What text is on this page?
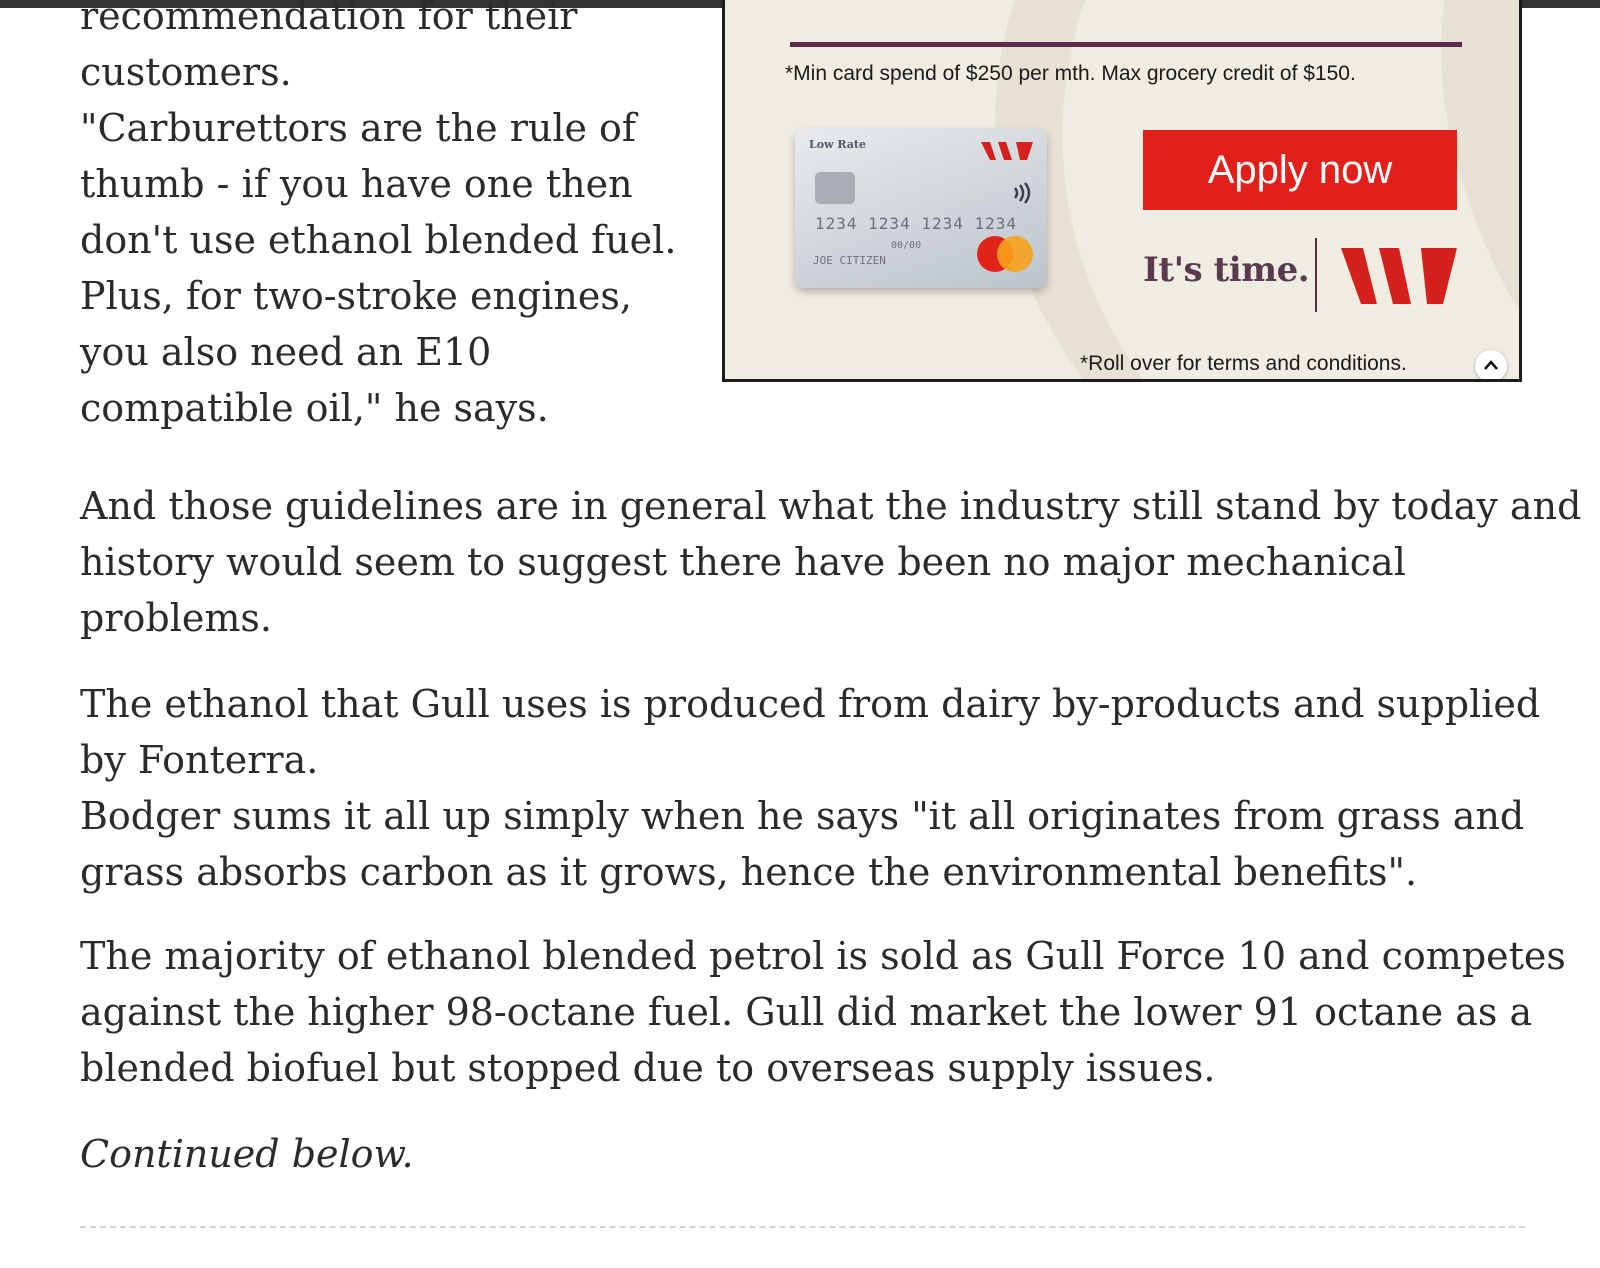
recommendation for their
customers.
"Carburettors are the rule of
thumb - if you have one then
don't use ethanol blended fuel.
Plus, for two-stroke engines,
you also need an E10
compatible oil," he says.

And those guidelines are in general what the industry still stand by today and
history would seem to suggest there have been no major mechanical
problems.

The ethanol that Gull uses is produced from dairy by-products and supplied
by Fonterra.
Bodger sums it all up simply when he says "it all originates from grass and
grass absorbs carbon as it grows, hence the environmental benefits".

The majority of ethanol blended petrol is sold as Gull Force 10 and competes
against the higher 98-octane fuel. Gull did market the lower 91 octane as a
blended biofuel but stopped due to overseas supply issues.

Continued below.

*Min card spend of $250 per mth. Max grocery credit of $150.
Low Rate
1234 1234 1234 1234
00/00
JOE CITIZEN
Apply now
It's time.
*Roll over for terms and conditions.
